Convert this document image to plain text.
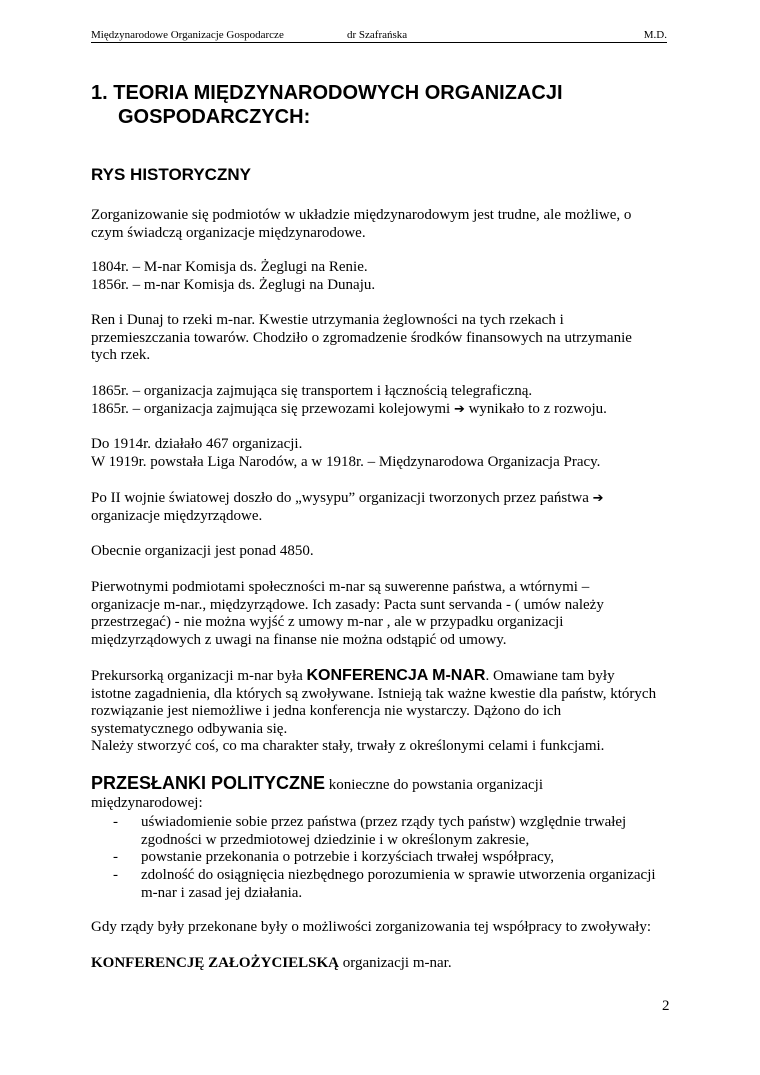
Międzynarodowe Organizacje Gospodarcze	dr Szafrańska	M.D.
1. TEORIA MIĘDZYNARODOWYCH ORGANIZACJI
GOSPODARCZYCH:
RYS HISTORYCZNY
Zorganizowanie się podmiotów w układzie międzynarodowym jest trudne, ale możliwe, o
czym świadczą organizacje międzynarodowe.
1804r. – M-nar Komisja ds. Żeglugi na Renie.
1856r. – m-nar Komisja ds. Żeglugi na Dunaju.
Ren i Dunaj to rzeki m-nar. Kwestie utrzymania żeglowności na tych rzekach i
przemieszczania towarów. Chodziło o zgromadzenie środków finansowych na utrzymanie
tych rzek.
1865r. – organizacja zajmująca się transportem i łącznością telegraficzną.
1865r. – organizacja zajmująca się przewozami kolejowymi ➔ wynikało to z rozwoju.
Do 1914r. działało 467 organizacji.
W 1919r. powstała Liga Narodów, a w 1918r. – Międzynarodowa Organizacja Pracy.
Po II wojnie światowej doszło do „wysypu” organizacji tworzonych przez państwa ➔
organizacje międzyrządowe.
Obecnie organizacji jest ponad 4850.
Pierwotnymi podmiotami społeczności m-nar są suwerenne państwa, a wtórnymi –
organizacje m-nar., międzyrządowe. Ich zasady: Pacta sunt servanda - ( umów należy
przestrzegać) - nie można wyjść z umowy m-nar , ale w przypadku organizacji
międzyrządowych z uwagi na finanse nie można odstąpić od umowy.
Prekursorką organizacji m-nar była KONFERENCJA M-NAR. Omawiane tam były
istotne zagadnienia, dla których są zwoływane. Istnieją tak ważne kwestie dla państw, których
rozwiązanie jest niemożliwe i jedna konferencja nie wystarczy. Dążono do ich
systematycznego odbywania się.
Należy stworzyć coś, co ma charakter stały, trwały z określonymi celami i funkcjami.
PRZESŁANKI POLITYCZNE konieczne do powstania organizacji
międzynarodowej:
- uświadomienie sobie przez państwa (przez rządy tych państw) względnie trwałej
zgodności w przedmiotowej dziedzinie i w określonym zakresie,
- powstanie przekonania o potrzebie i korzyściach trwałej współpracy,
- zdolność do osiągnięcia niezbędnego porozumienia w sprawie utworzenia organizacji
m-nar i zasad jej działania.
Gdy rządy były przekonane były o możliwości zorganizowania tej współpracy to zwoływały:
KONFERENCJĘ ZAŁOŻYCIELSKĄ organizacji m-nar.
2
